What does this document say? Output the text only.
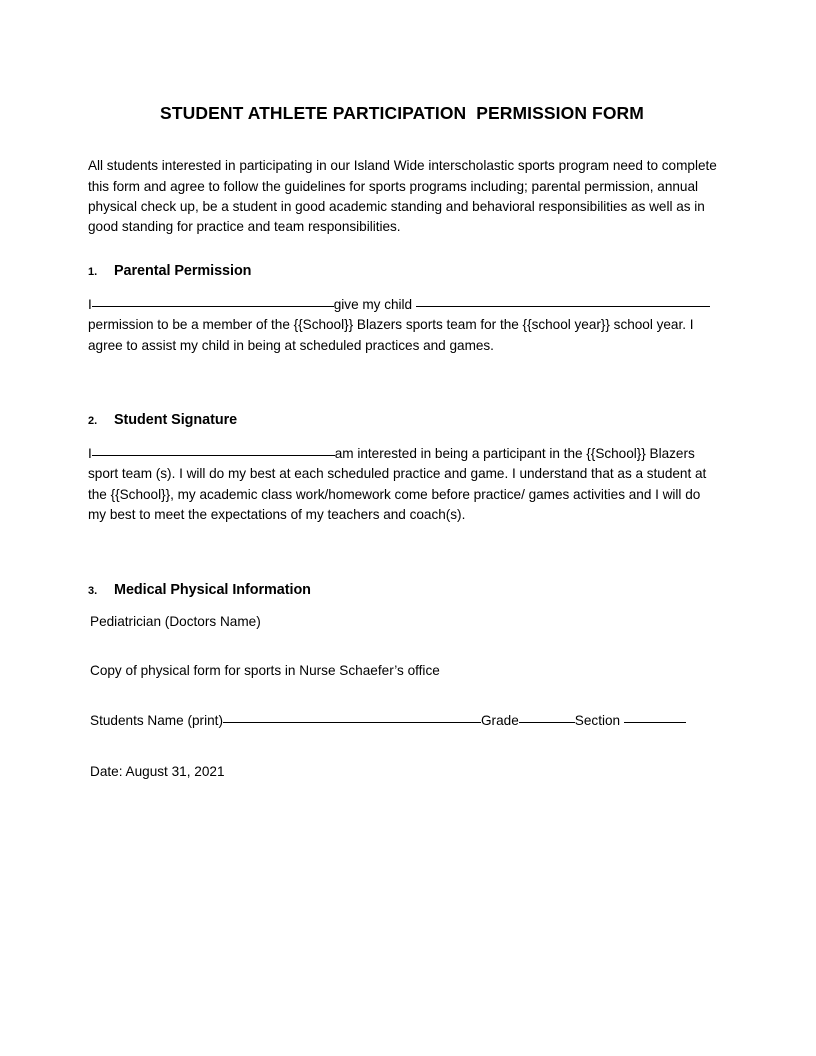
STUDENT ATHLETE PARTICIPATION  PERMISSION FORM

All students interested in participating in our Island Wide interscholastic sports program need to complete this form and agree to follow the guidelines for sports programs including; parental permission, annual physical check up, be a student in good academic standing and behavioral responsibilities as well as in good standing for practice and team responsibilities.

1.	Parental Permission

I	give my child

permission to be a member of the {{School}} Blazers sports team for the {{school year}} school year. I agree to assist my child in being at scheduled practices and games.

2.	Student Signature

I	am interested in being a participant in the {{School}} Blazers sport team (s). I will do my best at each scheduled practice and game. I understand that as a student at the {{School}}, my academic class work/homework come before practice/ games activities and I will do my best to meet the expectations of my teachers and coach(s).

3.	Medical Physical Information

Pediatrician (Doctors Name)

Copy of physical form for sports in Nurse Schaefer’s office

Students Name (print)	Grade	Section

Date: August 31, 2021
